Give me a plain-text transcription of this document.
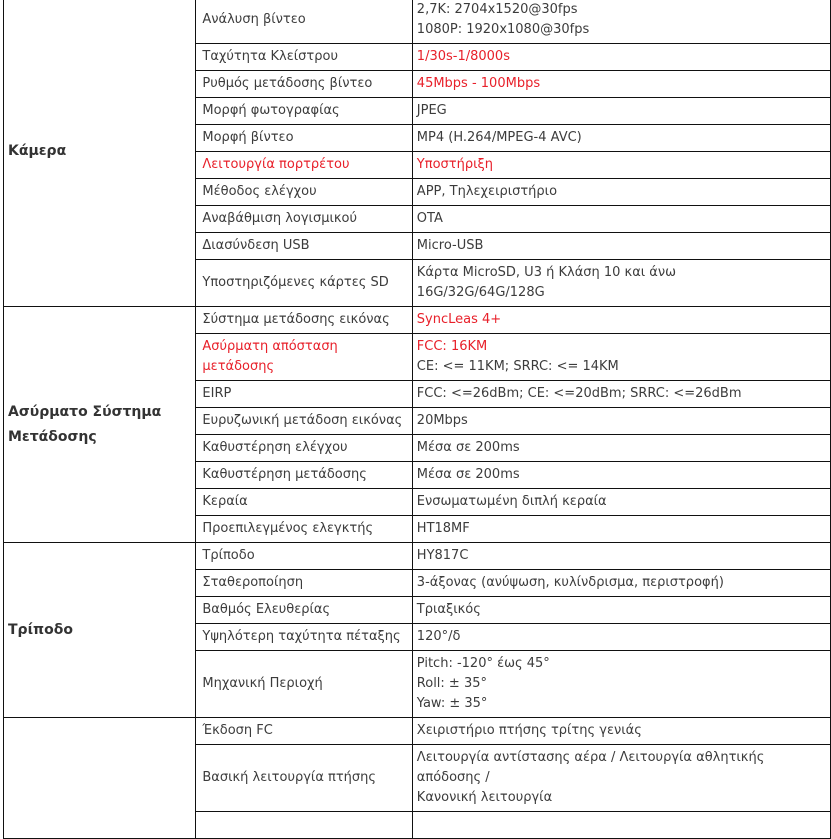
Κάμερα	Ανάλυση βίντεο	2,7K: 2704x1520@30fps
1080P: 1920x1080@30fps

	Ταχύτητα Κλείστρου	1/30s-1/8000s

	Ρυθμός μετάδοσης βίντεο	45Mbps - 100Mbps

	Μορφή φωτογραφίας	JPEG

	Μορφή βίντεο	MP4 (H.264/MPEG-4 AVC)

	Λειτουργία πορτρέτου	Υποστήριξη

	Μέθοδος ελέγχου	APP, Τηλεχειριστήριο

	Αναβάθμιση λογισμικού	OTA

	Διασύνδεση USB	Micro-USB

	Υποστηριζόμενες κάρτες SD	Κάρτα MicroSD, U3 ή Κλάση 10 και άνω
16G/32G/64G/128G

Ασύρματο Σύστημα
Μετάδοσης	Σύστημα μετάδοσης εικόνας	SyncLeas 4+

	Ασύρματη απόσταση μετάδοσης	FCC: 16KM
CE: <= 11KM; SRRC: <= 14KM

	EIRP	FCC: <=26dBm; CE: <=20dBm; SRRC: <=26dBm

	Ευρυζωνική μετάδοση εικόνας	20Mbps

	Καθυστέρηση ελέγχου	Μέσα σε 200ms

	Καθυστέρηση μετάδοσης	Μέσα σε 200ms

	Κεραία	Ενσωματωμένη διπλή κεραία

	Προεπιλεγμένος ελεγκτής	HT18MF

Τρίποδο	Τρίποδο	HY817C

	Σταθεροποίηση	3-άξονας (ανύψωση, κυλίνδρισμα, περιστροφή)

	Βαθμός Ελευθερίας	Τριαξικός

	Υψηλότερη ταχύτητα πέταξης	120°/δ

	Μηχανική Περιοχή	Pitch: -120° έως 45°
Roll: ± 35°
Yaw: ± 35°

	Έκδοση FC	Χειριστήριο πτήσης τρίτης γενιάς

	Βασική λειτουργία πτήσης	Λειτουργία αντίστασης αέρα / Λειτουργία αθλητικής απόδοσης /
Κανονική λειτουργία
